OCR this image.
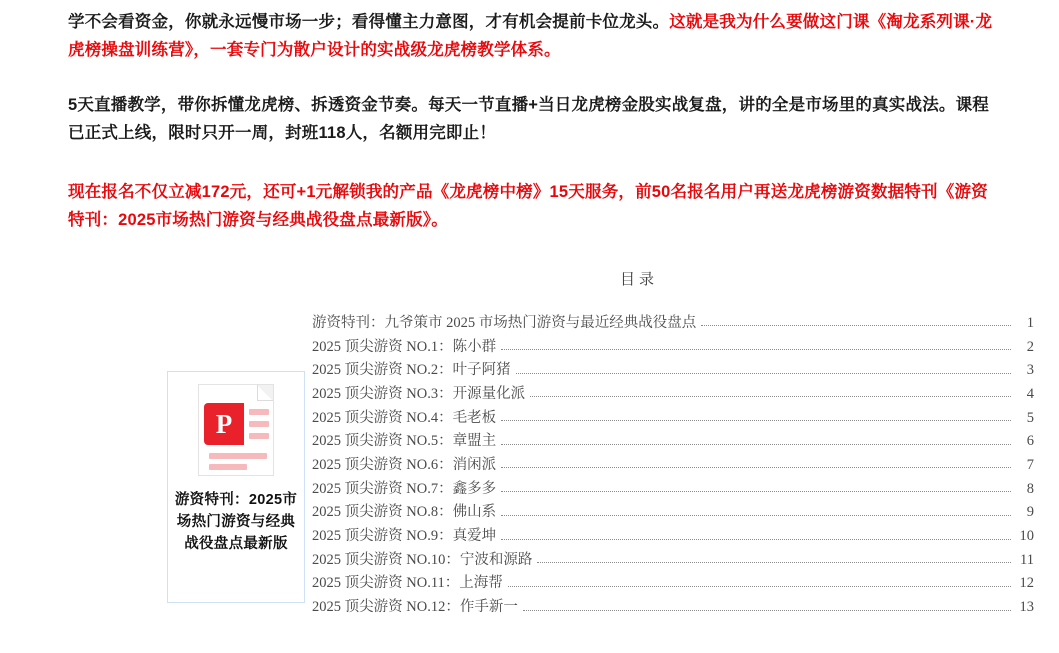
学不会看资金，你就永远慢市场一步；看得懂主力意图，才有机会提前卡位龙头。这就是我为什么要做这门课《淘龙系列课·龙虎榜操盘训练营》，一套专门为散户设计的实战级龙虎榜教学体系。

5天直播教学，带你拆懂龙虎榜、拆透资金节奏。每天一节直播+当日龙虎榜金股实战复盘，讲的全是市场里的真实战法。课程已正式上线，限时只开一周，封班118人，名额用完即止！

现在报名不仅立减172元，还可+1元解锁我的产品《龙虎榜中榜》15天服务，前50名报名用户再送龙虎榜游资数据特刊《游资特刊：2025市场热门游资与经典战役盘点最新版》。

目录
游资特刊：九爷策市 2025 市场热门游资与最近经典战役盘点	1
2025 顶尖游资 NO.1：陈小群	2
2025 顶尖游资 NO.2：叶子阿猪	3
2025 顶尖游资 NO.3：开源量化派	4
2025 顶尖游资 NO.4：毛老板	5
2025 顶尖游资 NO.5：章盟主	6
2025 顶尖游资 NO.6：消闲派	7
2025 顶尖游资 NO.7：鑫多多	8
2025 顶尖游资 NO.8：佛山系	9
2025 顶尖游资 NO.9：真爱坤	10
2025 顶尖游资 NO.10：宁波和源路	11
2025 顶尖游资 NO.11：上海帮	12
2025 顶尖游资 NO.12：作手新一	13
P
游资特刊：2025市场热门游资与经典战役盘点最新版
